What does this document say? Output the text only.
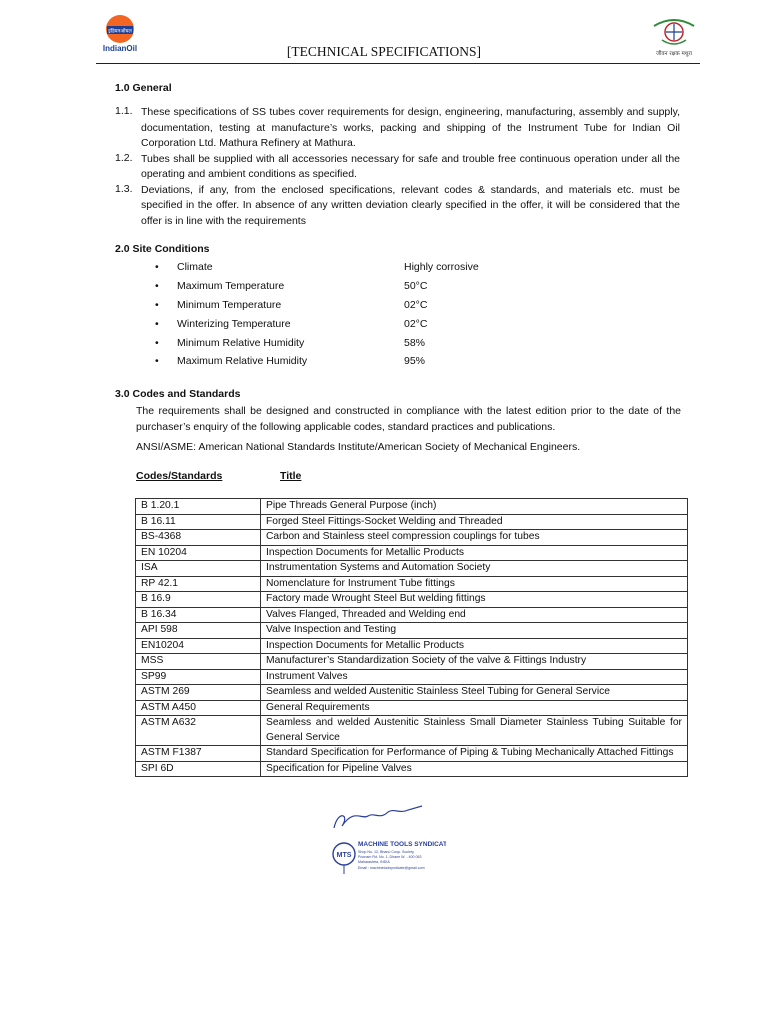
इंडियनऑयल
IndianOil
जीवन रक्षक मथुरा
[TECHNICAL SPECIFICATIONS]
1.0 General
1.1. These specifications of SS tubes cover requirements for design, engineering, manufacturing, assembly and supply, documentation, testing at manufacture’s works, packing and shipping of the Instrument Tube for Indian Oil Corporation Ltd. Mathura Refinery at Mathura.
1.2. Tubes shall be supplied with all accessories necessary for safe and trouble free continuous operation under all the operating and ambient conditions as specified.
1.3. Deviations, if any, from the enclosed specifications, relevant codes & standards, and materials etc. must be specified in the offer. In absence of any written deviation clearly specified in the offer, it will be considered that the offer is in line with the requirements
2.0 Site Conditions
•	Climate	Highly corrosive
•	Maximum Temperature	50°C
•	Minimum Temperature	02°C
•	Winterizing Temperature	02°C
•	Minimum Relative Humidity	58%
•	Maximum Relative Humidity	95%
3.0 Codes and Standards
The requirements shall be designed and constructed in compliance with the latest edition prior to the date of the purchaser’s enquiry of the following applicable codes, standard practices and publications.
ANSI/ASME: American National Standards Institute/American Society of Mechanical Engineers.
Codes/Standards	Title
B 1.20.1	Pipe Threads General Purpose (inch)
B 16.11	Forged Steel Fittings-Socket Welding and Threaded
BS-4368	Carbon and Stainless steel compression couplings for tubes
EN 10204	Inspection Documents for Metallic Products
ISA	Instrumentation Systems and Automation Society
RP 42.1	Nomenclature for Instrument Tube fittings
B 16.9	Factory made Wrought Steel But welding fittings
B 16.34	Valves Flanged, Threaded and Welding end
API 598	Valve Inspection and Testing
EN10204	Inspection Documents for Metallic Products
MSS	Manufacturer’s Standardization Society of the valve & Fittings Industry
SP99	Instrument Valves
ASTM 269	Seamless and welded Austenitic Stainless Steel Tubing for General Service
ASTM A450	General Requirements
ASTM A632	Seamless and welded Austenitic Stainless Small Diameter Stainless Tubing Suitable for General Service
ASTM F1387	Standard Specification for Performance of Piping & Tubing Mechanically Attached Fittings
SPI 6D	Specification for Pipeline Valves
MTS
MACHINE TOOLS SYNDICATE
Shop No. 12, Bhanu Coop. Society,
Poonam Rd. No. 1, Dhane W. - 400 063
Maharashtra, INDIA
Email : machinetoolsyndicate@gmail.com
